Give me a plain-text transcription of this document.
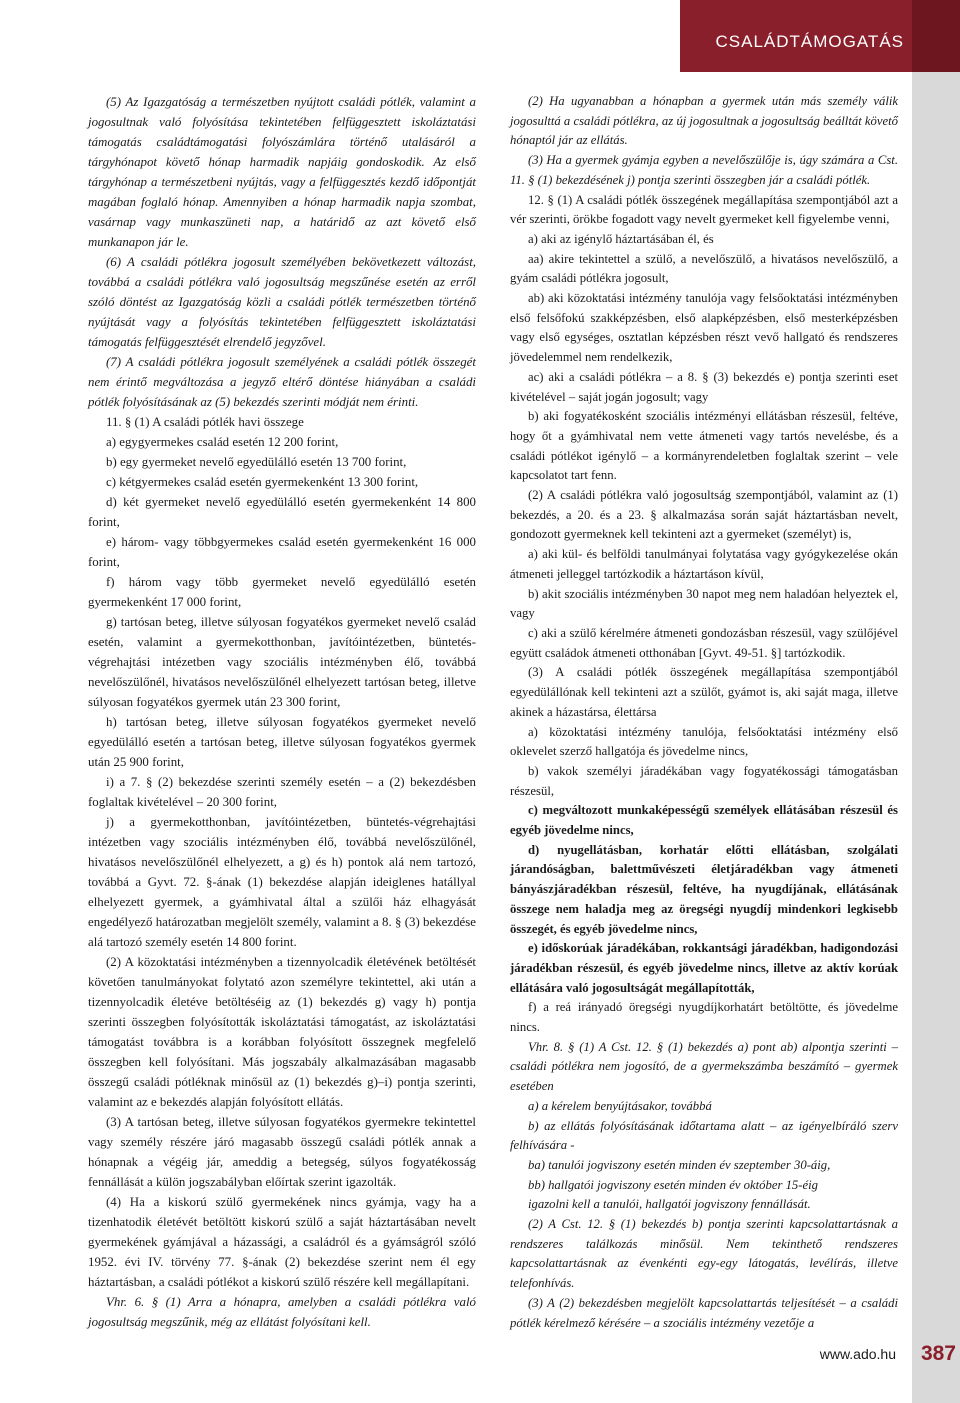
CSALÁDTÁMOGATÁS

(5) Az Igazgatóság a természetben nyújtott családi pótlék, valamint a jogosultnak való folyósítása tekintetében felfüggesztett iskoláztatási támogatás családtámogatási folyószámlára történő utalásáról a tárgyhónapot követő hónap harmadik napjáig gondoskodik. Az első tárgyhónap a természetbeni nyújtás, vagy a felfüggesztés kezdő időpontját magában foglaló hónap. Amennyiben a hónap harmadik napja szombat, vasárnap vagy munkaszüneti nap, a határidő az azt követő első munkanapon jár le.

(6) A családi pótlékra jogosult személyében bekövetkezett változást, továbbá a családi pótlékra való jogosultság megszűnése esetén az erről szóló döntést az Igazgatóság közli a családi pótlék természetben történő nyújtását vagy a folyósítás tekintetében felfüggesztett iskoláztatási támogatás felfüggesztését elrendelő jegyzővel.

(7) A családi pótlékra jogosult személyének a családi pótlék összegét nem érintő megváltozása a jegyző eltérő döntése hiányában a családi pótlék folyósításának az (5) bekezdés szerinti módját nem érinti.

11. § (1) A családi pótlék havi összege

a) egygyermekes család esetén 12 200 forint,

b) egy gyermeket nevelő egyedülálló esetén 13 700 forint,

c) kétgyermekes család esetén gyermekenként 13 300 forint,

d) két gyermeket nevelő egyedülálló esetén gyermekenként 14 800 forint,

e) három- vagy többgyermekes család esetén gyermekenként 16 000 forint,

f) három vagy több gyermeket nevelő egyedülálló esetén gyermekenként 17 000 forint,

g) tartósan beteg, illetve súlyosan fogyatékos gyermeket nevelő család esetén, valamint a gyermekotthonban, javítóintézetben, büntetés-végrehajtási intézetben vagy szociális intézményben élő, továbbá nevelőszülőnél, hivatásos nevelőszülőnél elhelyezett tartósan beteg, illetve súlyosan fogyatékos gyermek után 23 300 forint,

h) tartósan beteg, illetve súlyosan fogyatékos gyermeket nevelő egyedülálló esetén a tartósan beteg, illetve súlyosan fogyatékos gyermek után 25 900 forint,

i) a 7. § (2) bekezdése szerinti személy esetén – a (2) bekezdésben foglaltak kivételével – 20 300 forint,

j) a gyermekotthonban, javítóintézetben, büntetés-végrehajtási intézetben vagy szociális intézményben élő, továbbá nevelőszülőnél, hivatásos nevelőszülőnél elhelyezett, a g) és h) pontok alá nem tartozó, továbbá a Gyvt. 72. §-ának (1) bekezdése alapján ideiglenes hatállyal elhelyezett gyermek, a gyámhivatal által a szülői ház elhagyását engedélyező határozatban megjelölt személy, valamint a 8. § (3) bekezdése alá tartozó személy esetén 14 800 forint.

(2) A közoktatási intézményben a tizennyolcadik életévének betöltését követően tanulmányokat folytató azon személyre tekintettel, aki után a tizennyolcadik életéve betöltéséig az (1) bekezdés g) vagy h) pontja szerinti összegben folyósították iskoláztatási támogatást, az iskoláztatási támogatást továbbra is a korábban folyósított összegnek megfelelő összegben kell folyósítani. Más jogszabály alkalmazásában magasabb összegű családi pótléknak minősül az (1) bekezdés g)–i) pontja szerinti, valamint az e bekezdés alapján folyósított ellátás.

(3) A tartósan beteg, illetve súlyosan fogyatékos gyermekre tekintettel vagy személy részére járó magasabb összegű családi pótlék annak a hónapnak a végéig jár, ameddig a betegség, súlyos fogyatékosság fennállását a külön jogszabályban előírtak szerint igazolták.

(4) Ha a kiskorú szülő gyermekének nincs gyámja, vagy ha a tizenhatodik életévét betöltött kiskorú szülő a saját háztartásában nevelt gyermekének gyámjával a házassági, a családról és a gyámságról szóló 1952. évi IV. törvény 77. §-ának (2) bekezdése szerint nem él egy háztartásban, a családi pótlékot a kiskorú szülő részére kell megállapítani.

Vhr. 6. § (1) Arra a hónapra, amelyben a családi pótlékra való jogosultság megszűnik, még az ellátást folyósítani kell.

(2) Ha ugyanabban a hónapban a gyermek után más személy válik jogosulttá a családi pótlékra, az új jogosultnak a jogosultság beálltát követő hónaptól jár az ellátás.

(3) Ha a gyermek gyámja egyben a nevelőszülője is, úgy számára a Cst. 11. § (1) bekezdésének j) pontja szerinti összegben jár a családi pótlék.

12. § (1) A családi pótlék összegének megállapítása szempontjából azt a vér szerinti, örökbe fogadott vagy nevelt gyermeket kell figyelembe venni,

a) aki az igénylő háztartásában él, és

aa) akire tekintettel a szülő, a nevelőszülő, a hivatásos nevelőszülő, a gyám családi pótlékra jogosult,

ab) aki közoktatási intézmény tanulója vagy felsőoktatási intézményben első felsőfokú szakképzésben, első alapképzésben, első mesterképzésben vagy első egységes, osztatlan képzésben részt vevő hallgató és rendszeres jövedelemmel nem rendelkezik,

ac) aki a családi pótlékra – a 8. § (3) bekezdés e) pontja szerinti eset kivételével – saját jogán jogosult; vagy

b) aki fogyatékosként szociális intézményi ellátásban részesül, feltéve, hogy őt a gyámhivatal nem vette átmeneti vagy tartós nevelésbe, és a családi pótlékot igénylő – a kormányrendeletben foglaltak szerint – vele kapcsolatot tart fenn.

(2) A családi pótlékra való jogosultság szempontjából, valamint az (1) bekezdés, a 20. és a 23. § alkalmazása során saját háztartásban nevelt, gondozott gyermeknek kell tekinteni azt a gyermeket (személyt) is,

a) aki kül- és belföldi tanulmányai folytatása vagy gyógykezelése okán átmeneti jelleggel tartózkodik a háztartáson kívül,

b) akit szociális intézményben 30 napot meg nem haladóan helyeztek el, vagy

c) aki a szülő kérelmére átmeneti gondozásban részesül, vagy szülőjével együtt családok átmeneti otthonában [Gyvt. 49-51. §] tartózkodik.

(3) A családi pótlék összegének megállapítása szempontjából egyedülállónak kell tekinteni azt a szülőt, gyámot is, aki saját maga, illetve akinek a házastársa, élettársa

a) közoktatási intézmény tanulója, felsőoktatási intézmény első oklevelet szerző hallgatója és jövedelme nincs,

b) vakok személyi járadékában vagy fogyatékossági támogatásban részesül,

c) megváltozott munkaképességű személyek ellátásában részesül és egyéb jövedelme nincs,

d) nyugellátásban, korhatár előtti ellátásban, szolgálati járandóságban, balettművészeti életjáradékban vagy átmeneti bányászjáradékban részesül, feltéve, ha nyugdíjának, ellátásának összege nem haladja meg az öregségi nyugdíj mindenkori legkisebb összegét, és egyéb jövedelme nincs,

e) időskorúak járadékában, rokkantsági járadékban, hadigondozási járadékban részesül, és egyéb jövedelme nincs, illetve az aktív korúak ellátására való jogosultságát megállapították,

f) a reá irányadó öregségi nyugdíjkorhatárt betöltötte, és jövedelme nincs.

Vhr. 8. § (1) A Cst. 12. § (1) bekezdés a) pont ab) alpontja szerinti – családi pótlékra nem jogosító, de a gyermekszámba beszámító – gyermek esetében

a) a kérelem benyújtásakor, továbbá

b) az ellátás folyósításának időtartama alatt – az igényelbíráló szerv felhívására -

ba) tanulói jogviszony esetén minden év szeptember 30-áig,

bb) hallgatói jogviszony esetén minden év október 15-éig

igazolni kell a tanulói, hallgatói jogviszony fennállását.

(2) A Cst. 12. § (1) bekezdés b) pontja szerinti kapcsolattartásnak a rendszeres találkozás minősül. Nem tekinthető rendszeres kapcsolattartásnak az évenkénti egy-egy látogatás, levélírás, illetve telefonhívás.

(3) A (2) bekezdésben megjelölt kapcsolattartás teljesítését – a családi pótlék kérelmező kérésére – a szociális intézmény vezetője a

www.ado.hu 387
